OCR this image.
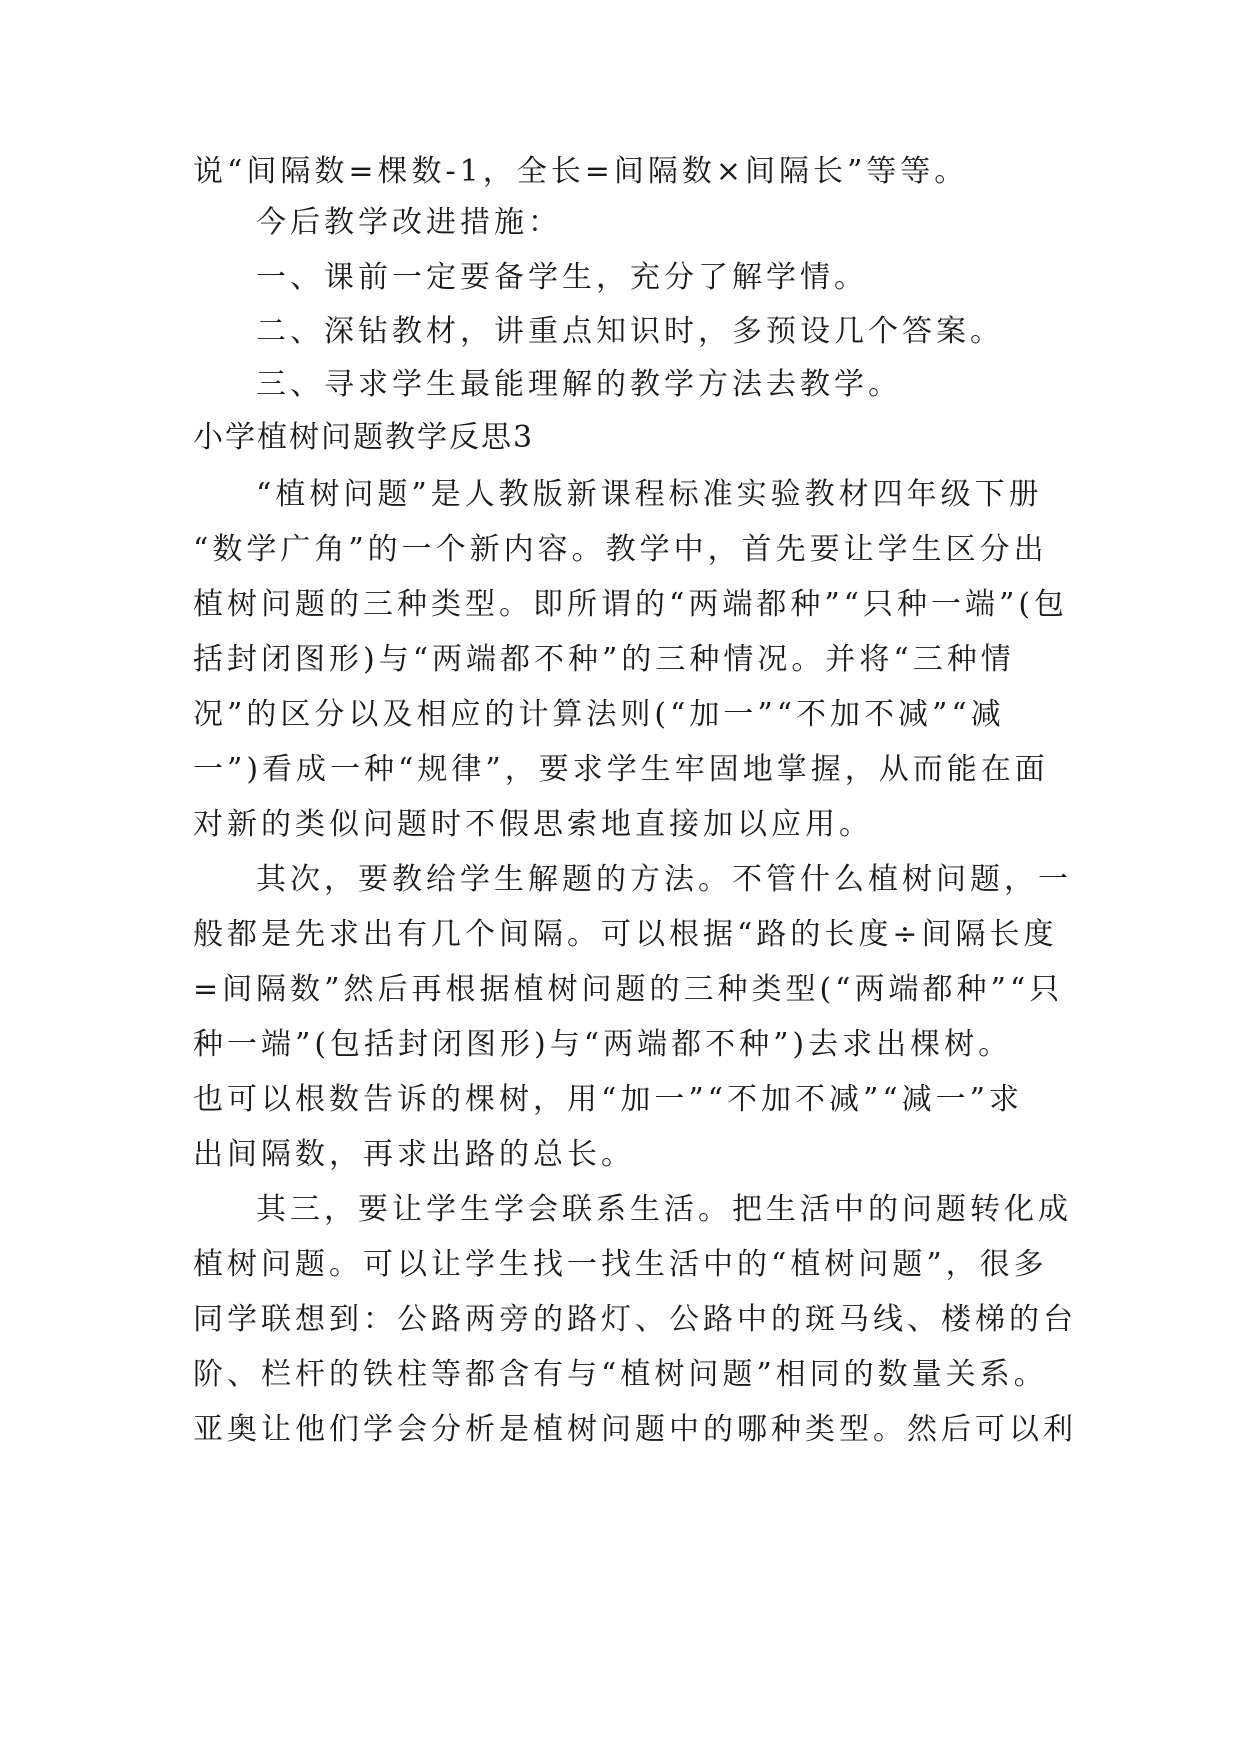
说“间隔数=棵数-1，全长=间隔数×间隔长”等等。
今后教学改进措施：
一、课前一定要备学生，充分了解学情。
二、深钻教材，讲重点知识时，多预设几个答案。
三、寻求学生最能理解的教学方法去教学。
小学植树问题教学反思3
“植树问题”是人教版新课程标准实验教材四年级下册
“数学广角”的一个新内容。教学中，首先要让学生区分出
植树问题的三种类型。即所谓的“两端都种”“只种一端”(包
括封闭图形)与“两端都不种”的三种情况。并将“三种情
况”的区分以及相应的计算法则(“加一”“不加不减”“减
一”)看成一种“规律”，要求学生牢固地掌握，从而能在面
对新的类似问题时不假思索地直接加以应用。
其次，要教给学生解题的方法。不管什么植树问题，一
般都是先求出有几个间隔。可以根据“路的长度÷间隔长度
=间隔数”然后再根据植树问题的三种类型(“两端都种”“只
种一端”(包括封闭图形)与“两端都不种”)去求出棵树。
也可以根数告诉的棵树，用“加一”“不加不减”“减一”求
出间隔数，再求出路的总长。
其三，要让学生学会联系生活。把生活中的问题转化成
植树问题。可以让学生找一找生活中的“植树问题”，很多
同学联想到：公路两旁的路灯、公路中的斑马线、楼梯的台
阶、栏杆的铁柱等都含有与“植树问题”相同的数量关系。
亚奥让他们学会分析是植树问题中的哪种类型。然后可以利
